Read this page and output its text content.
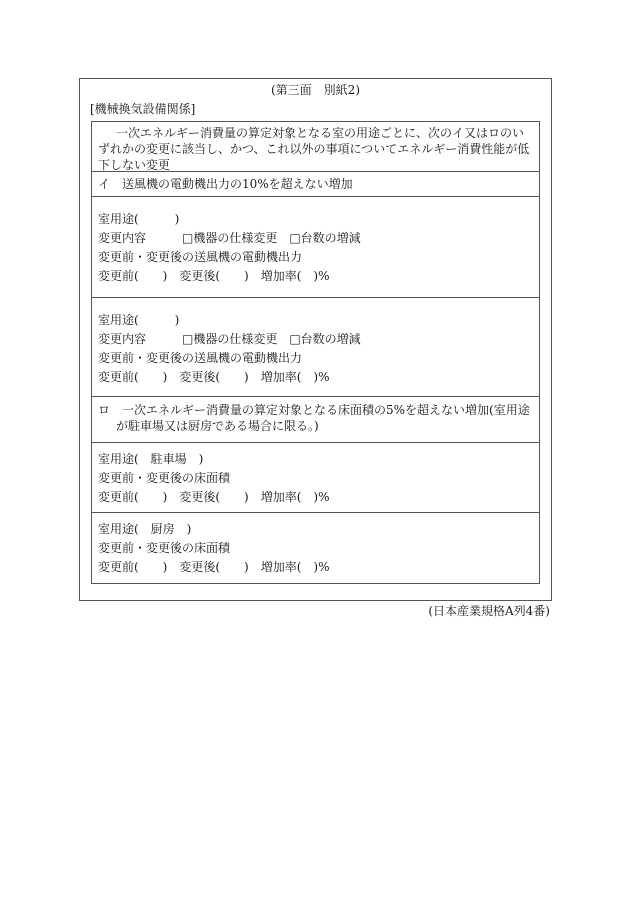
(第三面　別紙2)
[機械換気設備関係]
一次エネルギー消費量の算定対象となる室の用途ごとに、次のイ又はロのいずれかの変更に該当し、かつ、これ以外の事項についてエネルギー消費性能が低下しない変更
イ　送風機の電動機出力の10%を超えない増加
室用途(　　　)
変更内容　　　□機器の仕様変更　□台数の増減
変更前・変更後の送風機の電動機出力
変更前(　　)　変更後(　　)　増加率(　)%
室用途(　　　)
変更内容　　　□機器の仕様変更　□台数の増減
変更前・変更後の送風機の電動機出力
変更前(　　)　変更後(　　)　増加率(　)%
ロ　一次エネルギー消費量の算定対象となる床面積の5%を超えない増加(室用途が駐車場又は厨房である場合に限る。)
室用途(　駐車場　)
変更前・変更後の床面積
変更前(　　)　変更後(　　)　増加率(　)%
室用途(　厨房　)
変更前・変更後の床面積
変更前(　　)　変更後(　　)　増加率(　)%
(日本産業規格A列4番)
